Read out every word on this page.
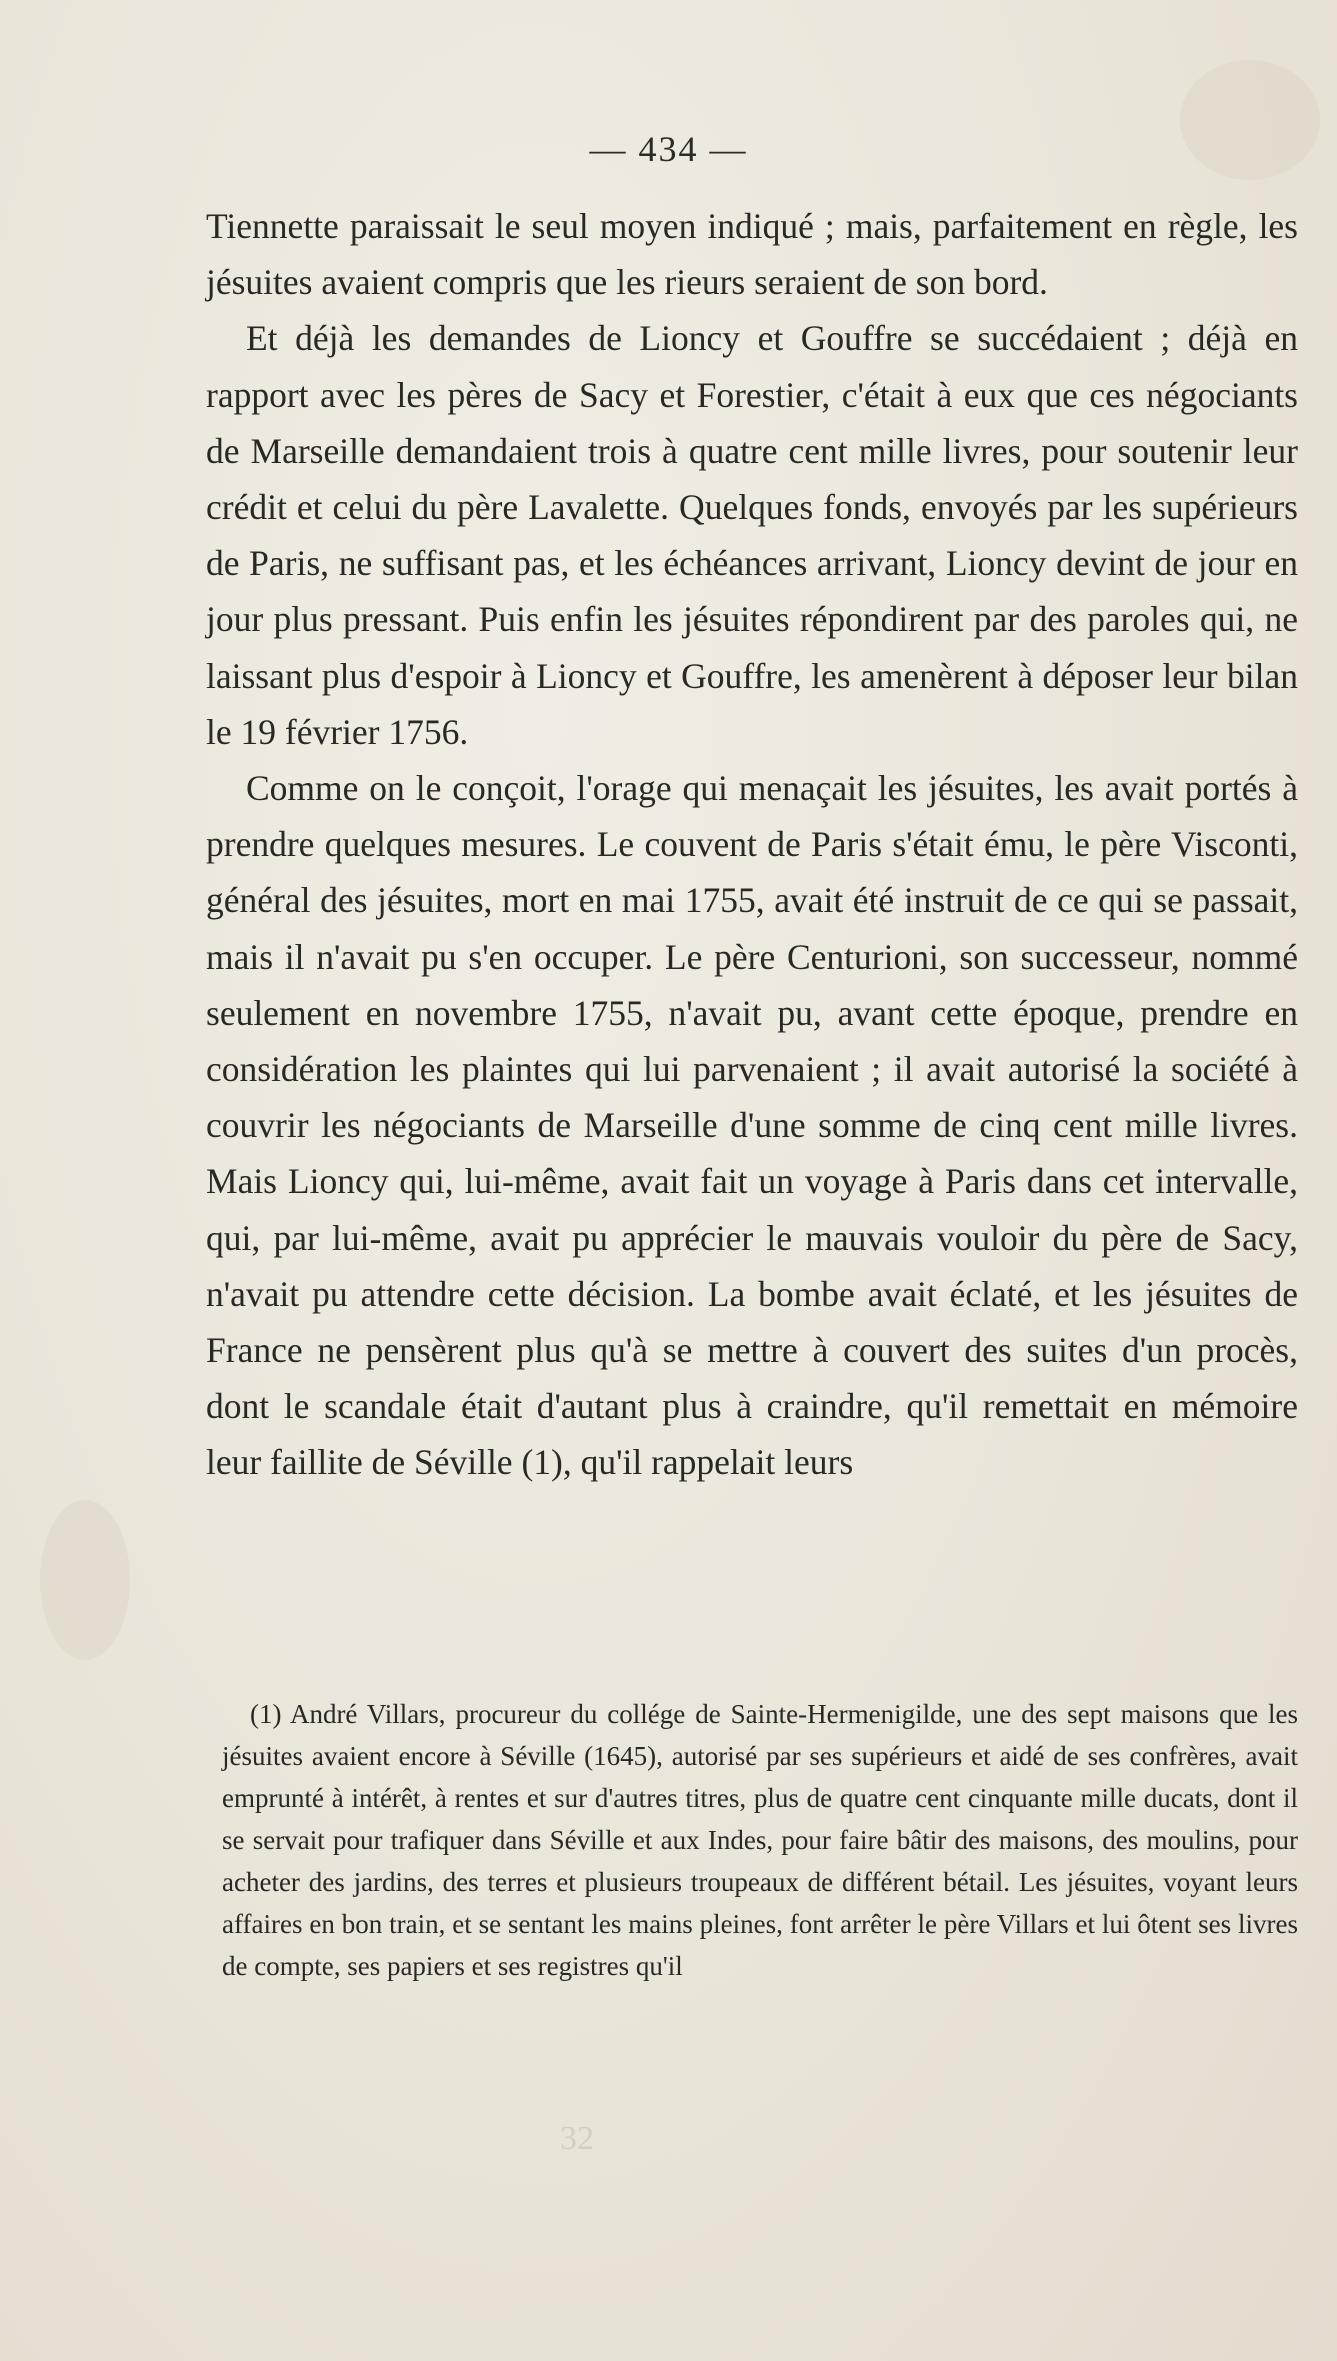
— 434 —

Tiennette paraissait le seul moyen indiqué ; mais, parfaitement en règle, les jésuites avaient compris que les rieurs seraient de son bord.

Et déjà les demandes de Lioncy et Gouffre se succédaient ; déjà en rapport avec les pères de Sacy et Forestier, c'était à eux que ces négociants de Marseille demandaient trois à quatre cent mille livres, pour soutenir leur crédit et celui du père Lavalette. Quelques fonds, envoyés par les supérieurs de Paris, ne suffisant pas, et les échéances arrivant, Lioncy devint de jour en jour plus pressant. Puis enfin les jésuites répondirent par des paroles qui, ne laissant plus d'espoir à Lioncy et Gouffre, les amenèrent à déposer leur bilan le 19 février 1756.

Comme on le conçoit, l'orage qui menaçait les jésuites, les avait portés à prendre quelques mesures. Le couvent de Paris s'était ému, le père Visconti, général des jésuites, mort en mai 1755, avait été instruit de ce qui se passait, mais il n'avait pu s'en occuper. Le père Centurioni, son successeur, nommé seulement en novembre 1755, n'avait pu, avant cette époque, prendre en considération les plaintes qui lui parvenaient ; il avait autorisé la société à couvrir les négociants de Marseille d'une somme de cinq cent mille livres. Mais Lioncy qui, lui-même, avait fait un voyage à Paris dans cet intervalle, qui, par lui-même, avait pu apprécier le mauvais vouloir du père de Sacy, n'avait pu attendre cette décision. La bombe avait éclaté, et les jésuites de France ne pensèrent plus qu'à se mettre à couvert des suites d'un procès, dont le scandale était d'autant plus à craindre, qu'il remettait en mémoire leur faillite de Séville (1), qu'il rappelait leurs

(1) André Villars, procureur du collége de Sainte-Hermenigilde, une des sept maisons que les jésuites avaient encore à Séville (1645), autorisé par ses supérieurs et aidé de ses confrères, avait emprunté à intérêt, à rentes et sur d'autres titres, plus de quatre cent cinquante mille ducats, dont il se servait pour trafiquer dans Séville et aux Indes, pour faire bâtir des maisons, des moulins, pour acheter des jardins, des terres et plusieurs troupeaux de différent bétail. Les jésuites, voyant leurs affaires en bon train, et se sentant les mains pleines, font arrêter le père Villars et lui ôtent ses livres de compte, ses papiers et ses registres qu'il

32
